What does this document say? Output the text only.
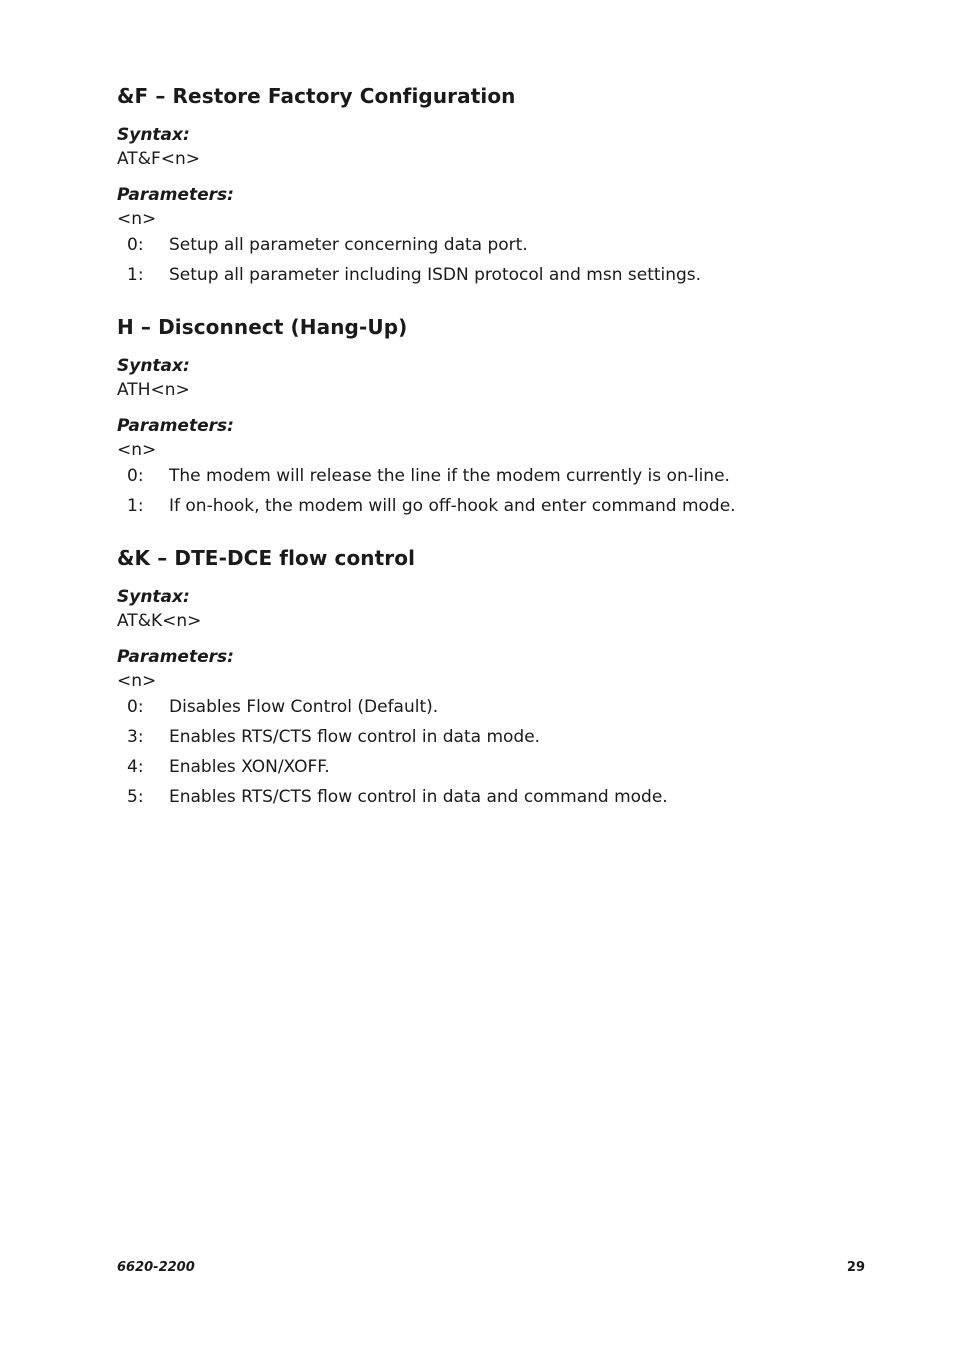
&F – Restore Factory Configuration

Syntax:

AT&F<n>

Parameters:

<n>

0:	Setup all parameter concerning data port.
1:	Setup all parameter including ISDN protocol and msn settings.
H – Disconnect (Hang-Up)

Syntax:

ATH<n>

Parameters:

<n>

0:	The modem will release the line if the modem currently is on-line.
1:	If on-hook, the modem will go off-hook and enter command mode.
&K – DTE-DCE flow control

Syntax:

AT&K<n>

Parameters:

<n>

0:	Disables Flow Control (Default).
3:	Enables RTS/CTS flow control in data mode.
4:	Enables XON/XOFF.
5:	Enables RTS/CTS flow control in data and command mode.
6620-2200	29
